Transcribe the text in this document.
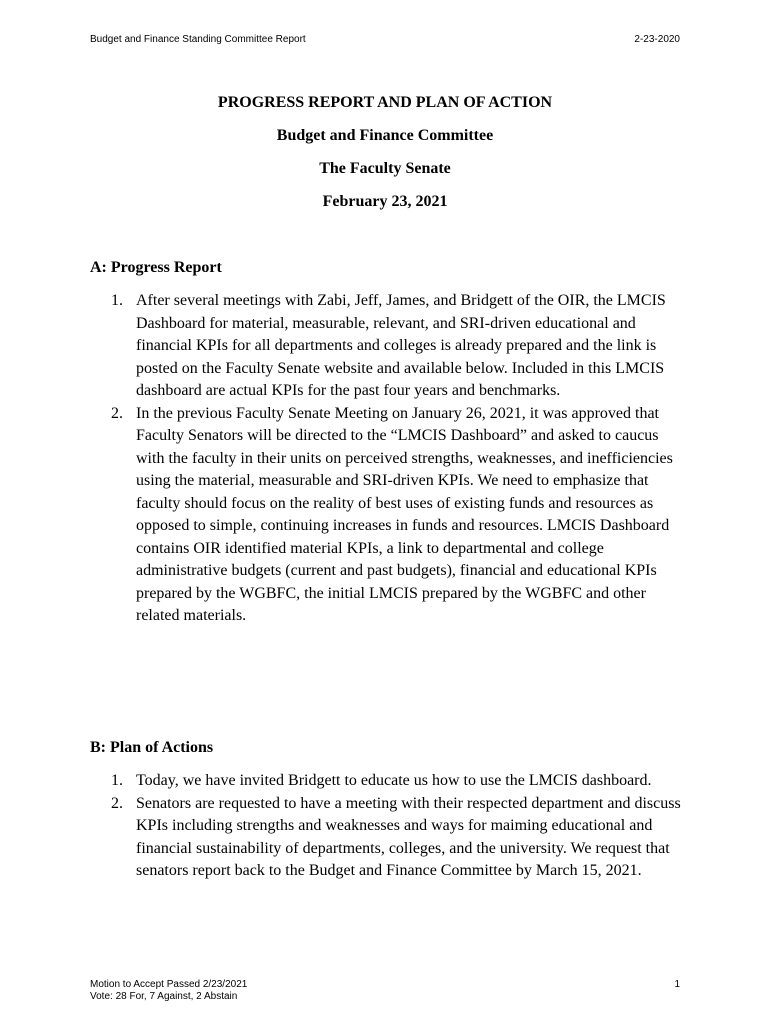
Budget and Finance Standing Committee Report	2-23-2020
PROGRESS REPORT AND PLAN OF ACTION
Budget and Finance Committee
The Faculty Senate
February 23, 2021
A: Progress Report
1. After several meetings with Zabi, Jeff, James, and Bridgett of the OIR, the LMCIS Dashboard for material, measurable, relevant, and SRI-driven educational and financial KPIs for all departments and colleges is already prepared and the link is posted on the Faculty Senate website and available below. Included in this LMCIS dashboard are actual KPIs for the past four years and benchmarks.
2. In the previous Faculty Senate Meeting on January 26, 2021, it was approved that Faculty Senators will be directed to the “LMCIS Dashboard” and asked to caucus with the faculty in their units on perceived strengths, weaknesses, and inefficiencies using the material, measurable and SRI-driven KPIs. We need to emphasize that faculty should focus on the reality of best uses of existing funds and resources as opposed to simple, continuing increases in funds and resources. LMCIS Dashboard contains OIR identified material KPIs, a link to departmental and college administrative budgets (current and past budgets), financial and educational KPIs prepared by the WGBFC, the initial LMCIS prepared by the WGBFC and other related materials.
B: Plan of Actions
1. Today, we have invited Bridgett to educate us how to use the LMCIS dashboard.
2. Senators are requested to have a meeting with their respected department and discuss KPIs including strengths and weaknesses and ways for maiming educational and financial sustainability of departments, colleges, and the university. We request that senators report back to the Budget and Finance Committee by March 15, 2021.
Motion to Accept Passed 2/23/2021
Vote: 28 For, 7 Against, 2 Abstain
1
